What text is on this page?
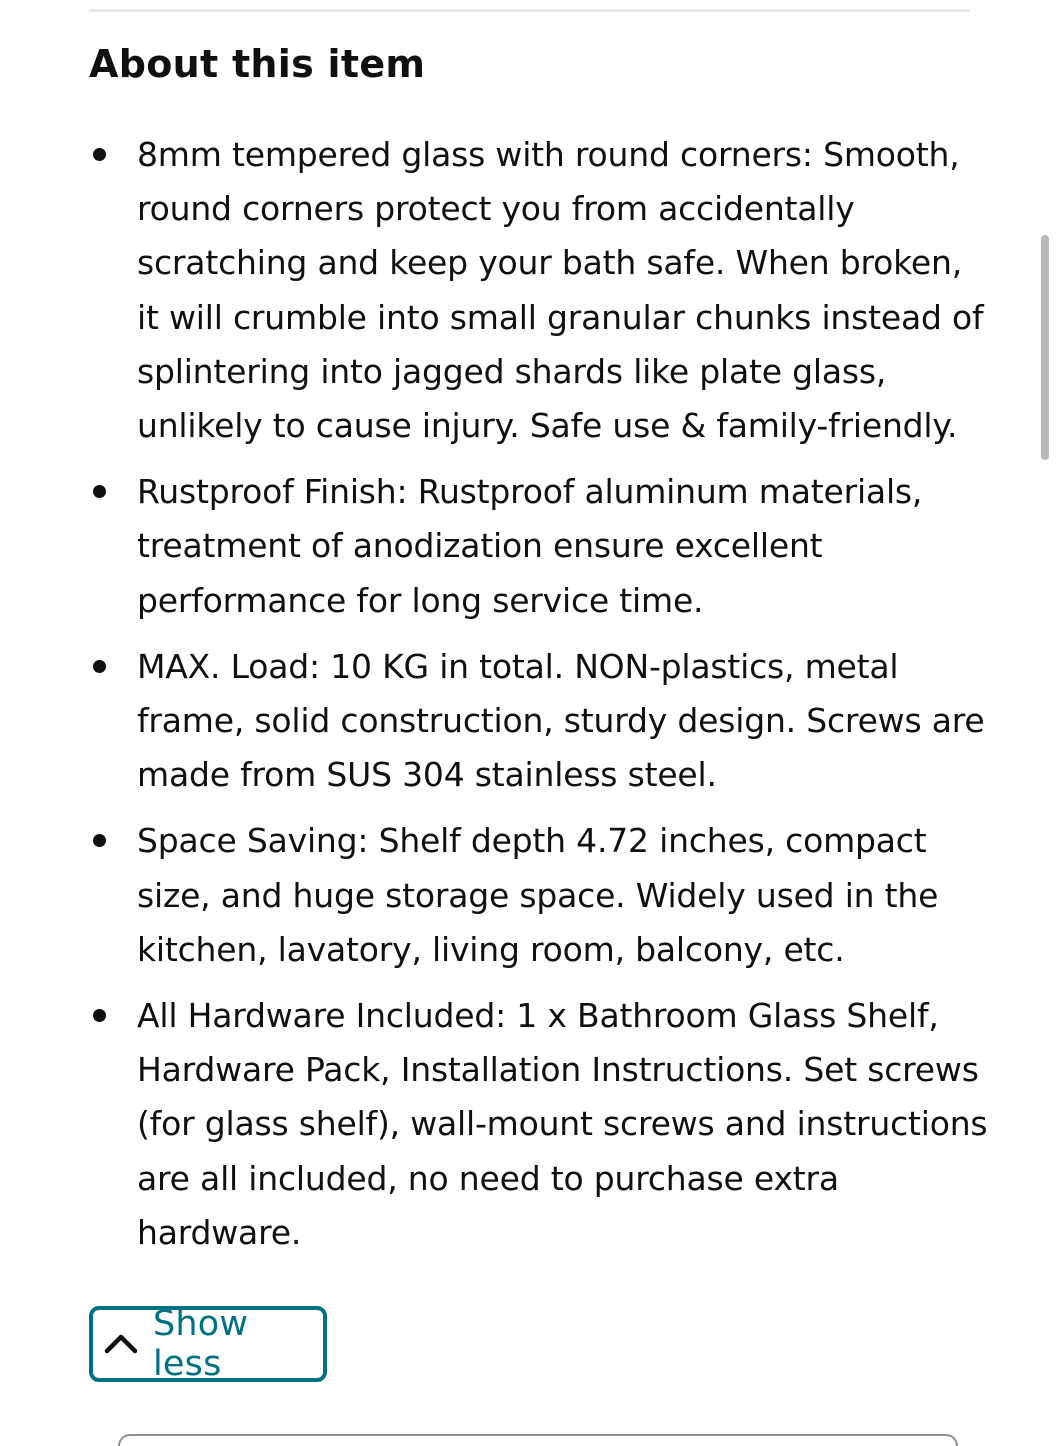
About this item
8mm tempered glass with round corners: Smooth, round corners protect you from accidentally scratching and keep your bath safe. When broken, it will crumble into small granular chunks instead of splintering into jagged shards like plate glass, unlikely to cause injury. Safe use & family-friendly.
Rustproof Finish: Rustproof aluminum materials, treatment of anodization ensure excellent performance for long service time.
MAX. Load: 10 KG in total. NON-plastics, metal frame, solid construction, sturdy design. Screws are made from SUS 304 stainless steel.
Space Saving: Shelf depth 4.72 inches, compact size, and huge storage space. Widely used in the kitchen, lavatory, living room, balcony, etc.
All Hardware Included: 1 x Bathroom Glass Shelf, Hardware Pack, Installation Instructions. Set screws (for glass shelf), wall-mount screws and instructions are all included, no need to purchase extra hardware.
Show less
